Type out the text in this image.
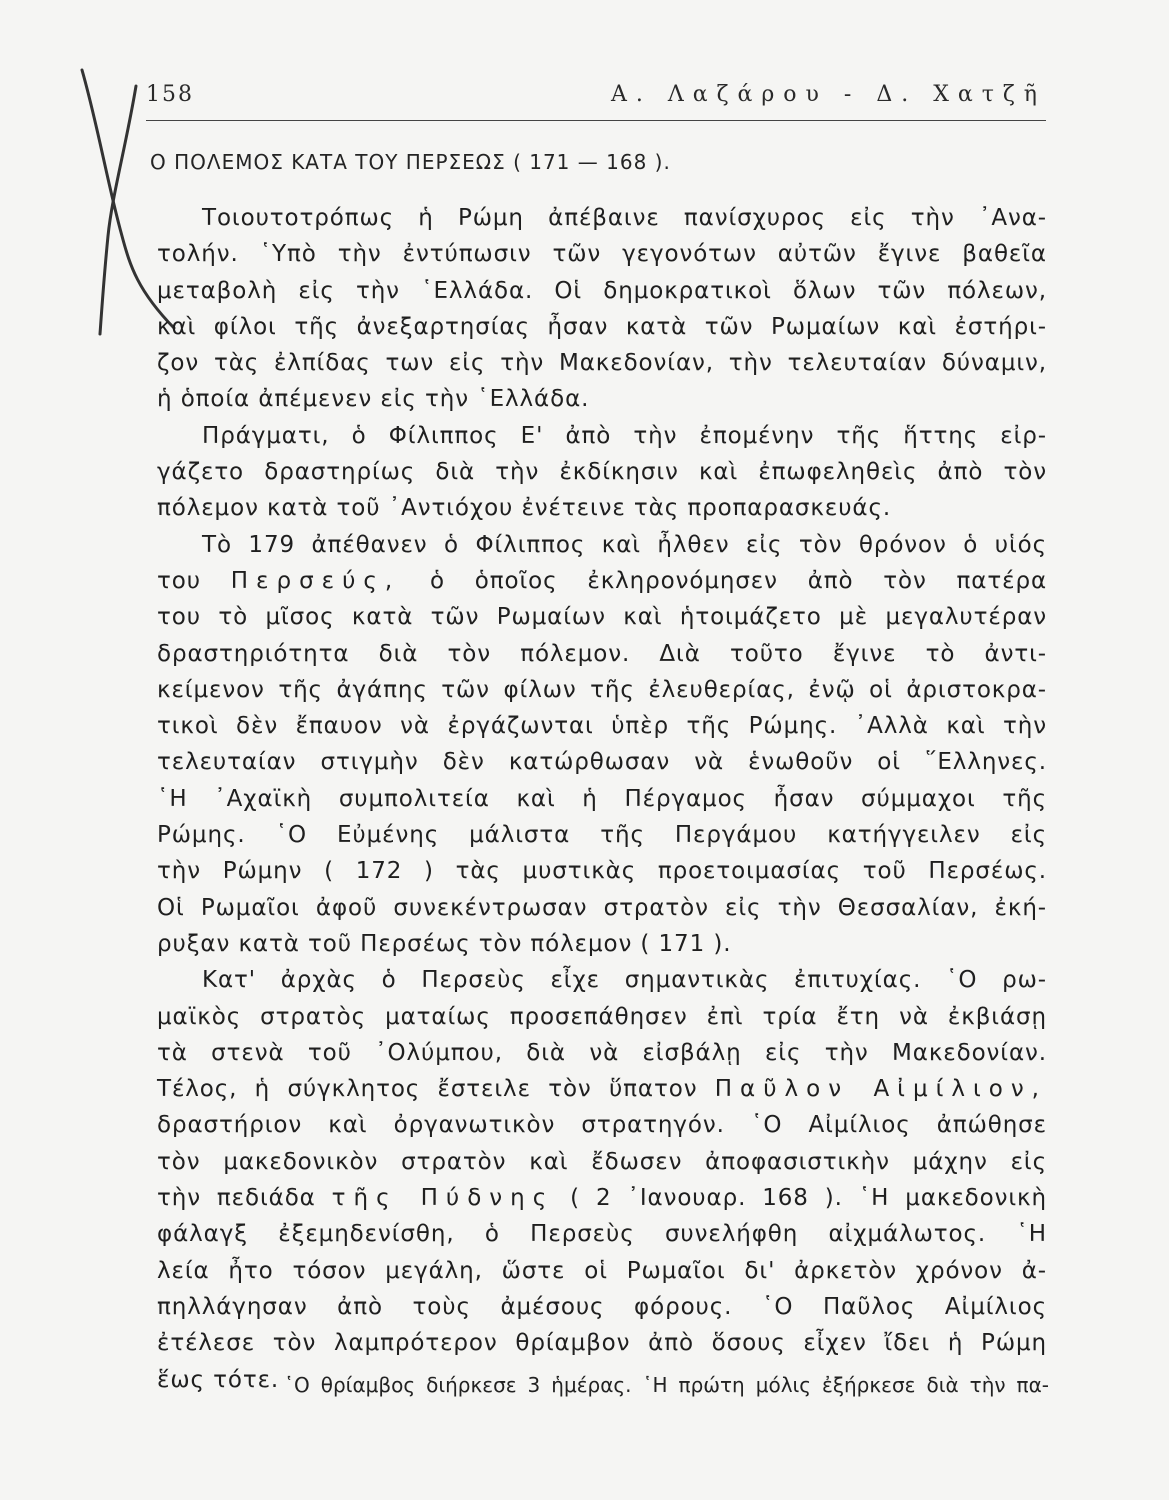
158	Α. Λαζάρου - Δ. Χατζῆ
Ο ΠΟΛΕΜΟΣ ΚΑΤΑ ΤΟΥ ΠΕΡΣΕΩΣ ( 171 — 168 ).
Τοιουτοτρόπως ἡ Ρώμη ἀπέβαινε πανίσχυρος εἰς τὴν ᾿Ανα-
τολήν. ῾Υπὸ τὴν ἐντύπωσιν τῶν γεγονότων αὐτῶν ἔγινε βαθεῖα
μεταβολὴ εἰς τὴν ῾Ελλάδα. Οἱ δημοκρατικοὶ ὅλων τῶν πόλεων,
καὶ φίλοι τῆς ἀνεξαρτησίας ἦσαν κατὰ τῶν Ρωμαίων καὶ ἐστήρι-
ζον τὰς ἐλπίδας των εἰς τὴν Μακεδονίαν, τὴν τελευταίαν δύναμιν,
ἡ ὁποία ἀπέμενεν εἰς τὴν ῾Ελλάδα.
Πράγματι, ὁ Φίλιππος Ε' ἀπὸ τὴν ἐπομένην τῆς ἥττης εἰρ-
γάζετο δραστηρίως διὰ τὴν ἐκδίκησιν καὶ ἐπωφεληθεὶς ἀπὸ τὸν
πόλεμον κατὰ τοῦ ᾿Αντιόχου ἐνέτεινε τὰς προπαρασκευάς.
Τὸ 179 ἀπέθανεν ὁ Φίλιππος καὶ ἦλθεν εἰς τὸν θρόνον ὁ υἱός
του Περσεύς, ὁ ὁποῖος ἐκληρονόμησεν ἀπὸ τὸν πατέρα
του τὸ μῖσος κατὰ τῶν Ρωμαίων καὶ ἡτοιμάζετο μὲ μεγαλυτέραν
δραστηριότητα διὰ τὸν πόλεμον. Διὰ τοῦτο ἔγινε τὸ ἀντι-
κείμενον τῆς ἀγάπης τῶν φίλων τῆς ἐλευθερίας, ἐνῷ οἱ ἀριστοκρα-
τικοὶ δὲν ἔπαυον νὰ ἐργάζωνται ὑπὲρ τῆς Ρώμης. ᾿Αλλὰ καὶ τὴν
τελευταίαν στιγμὴν δὲν κατώρθωσαν νὰ ἑνωθοῦν οἱ ῞Ελληνες.
῾Η ᾿Αχαϊκὴ συμπολιτεία καὶ ἡ Πέργαμος ἦσαν σύμμαχοι τῆς
Ρώμης. ῾Ο Εὐμένης μάλιστα τῆς Περγάμου κατήγγειλεν εἰς
τὴν Ρώμην ( 172 ) τὰς μυστικὰς προετοιμασίας τοῦ Περσέως.
Οἱ Ρωμαῖοι ἀφοῦ συνεκέντρωσαν στρατὸν εἰς τὴν Θεσσαλίαν, ἐκή-
ρυξαν κατὰ τοῦ Περσέως τὸν πόλεμον ( 171 ).
Κατ' ἀρχὰς ὁ Περσεὺς εἶχε σημαντικὰς ἐπιτυχίας. ῾Ο ρω-
μαϊκὸς στρατὸς ματαίως προσεπάθησεν ἐπὶ τρία ἔτη νὰ ἐκβιάσῃ
τὰ στενὰ τοῦ ᾿Ολύμπου, διὰ νὰ εἰσβάλῃ εἰς τὴν Μακεδονίαν.
Τέλος, ἡ σύγκλητος ἔστειλε τὸν ὕπατον Παῦλον Αἰμίλιον,
δραστήριον καὶ ὀργανωτικὸν στρατηγόν. ῾Ο Αἰμίλιος ἀπώθησε
τὸν μακεδονικὸν στρατὸν καὶ ἔδωσεν ἀποφασιστικὴν μάχην εἰς
τὴν πεδιάδα τῆς Πύδνης ( 2 ᾿Ιανουαρ. 168 ). ῾Η μακεδονικὴ
φάλαγξ ἐξεμηδενίσθη, ὁ Περσεὺς συνελήφθη αἰχμάλωτος. ῾Η
λεία ἦτο τόσον μεγάλη, ὥστε οἱ Ρωμαῖοι δι' ἀρκετὸν χρόνον ἀ-
πηλλάγησαν ἀπὸ τοὺς ἀμέσους φόρους. ῾Ο Παῦλος Αἰμίλιος
ἐτέλεσε τὸν λαμπρότερον θρίαμβον ἀπὸ ὅσους εἶχεν ἴδει ἡ Ρώμη
ἕως τότε. ῾Ο θρίαμβος διήρκεσε 3 ἡμέρας. ῾Η πρώτη μόλις ἐξήρκεσε διὰ τὴν πα-
